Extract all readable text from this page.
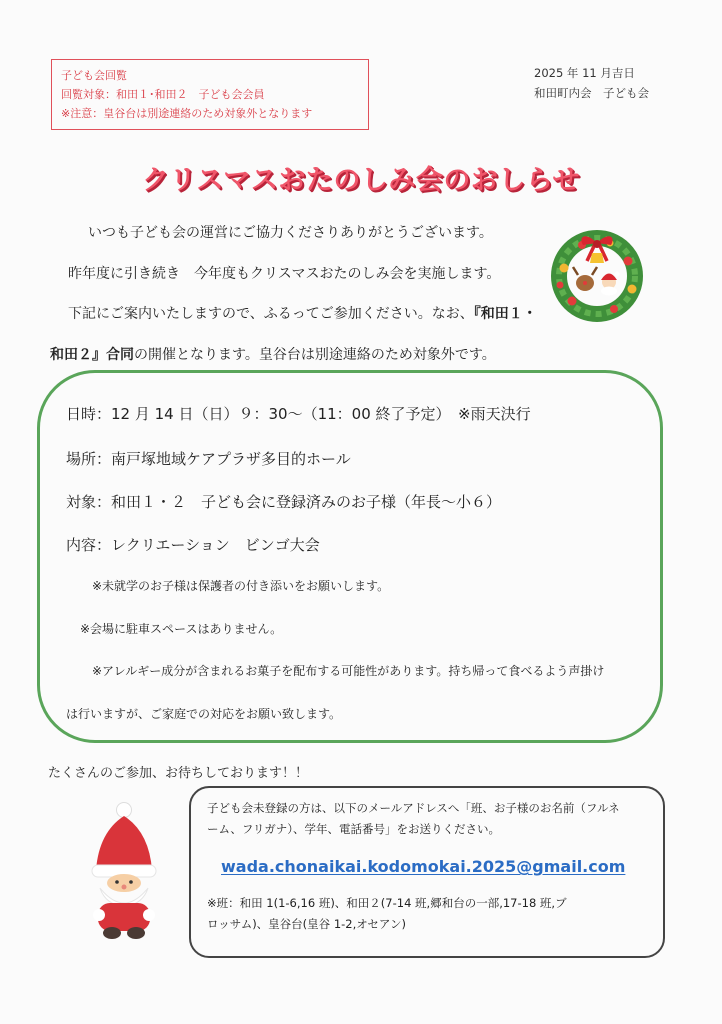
子ども会回覧
回覧対象：和田１･和田２　子ども会会員
※注意：皇谷台は別途連絡のため対象外となります
2025 年 11 月吉日
和田町内会　子ども会
クリスマスおたのしみ会のおしらせ
いつも子ども会の運営にご協力くださりありがとうございます。
昨年度に引き続き　今年度もクリスマスおたのしみ会を実施します。
下記にご案内いたしますので、ふるってご参加ください。なお、『和田１・
和田２』合同の開催となります。皇谷台は別途連絡のため対象外です。
日時：12 月 14 日（日）９：30～（11：00 終了予定）　※雨天決行
場所：南戸塚地域ケアプラザ多目的ホール
対象：和田１・２　子ども会に登録済みのお子様（年長～小６）
内容：レクリエーション　ビンゴ大会
※未就学のお子様は保護者の付き添いをお願いします。
※会場に駐車スペースはありません。
※アレルギー成分が含まれるお菓子を配布する可能性があります。持ち帰って食べるよう声掛け
は行いますが、ご家庭での対応をお願い致します。
たくさんのご参加、お待ちしております！！
子ども会未登録の方は、以下のメールアドレスへ「班、お子様のお名前（フルネ
ーム、フリガナ）、学年、電話番号」をお送りください。
wada.chonaikai.kodomokai.2025@gmail.com
※班：和田 1(1-6,16 班)、和田２(7-14 班,郷和台の一部,17-18 班,ブ
ロッサム)、皇谷台(皇谷 1-2,オセアン)
